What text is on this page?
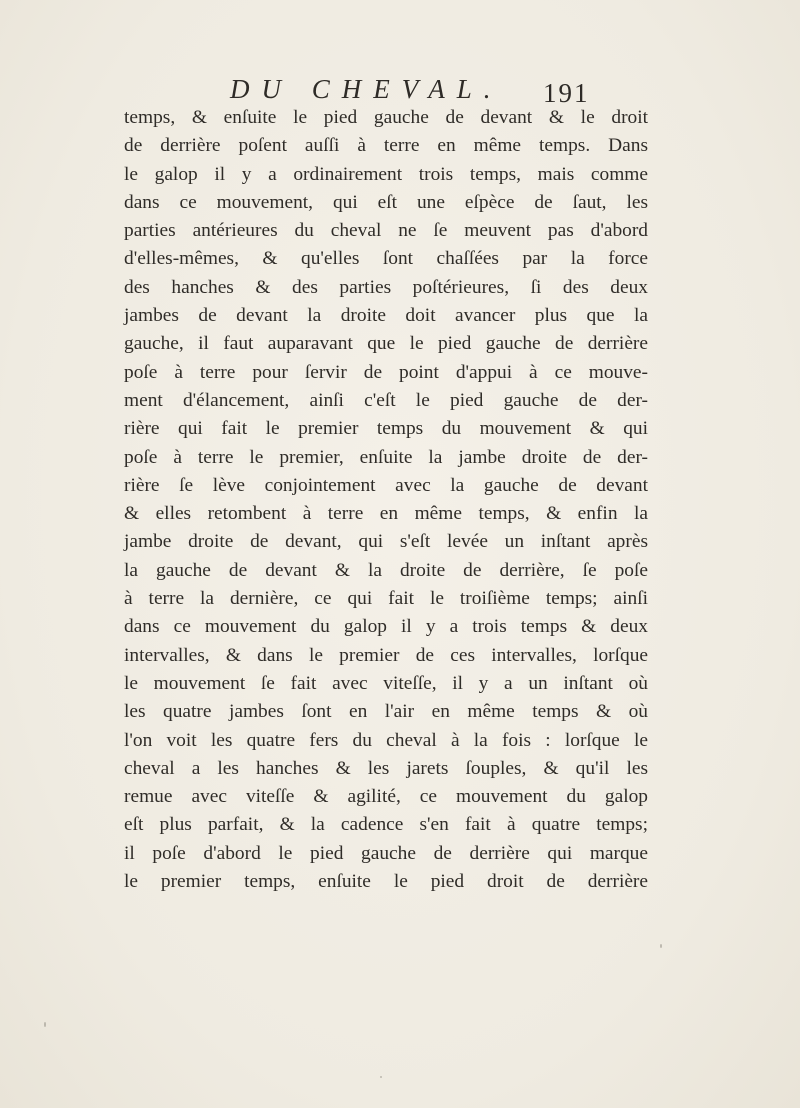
DU CHEVAL. 191
temps, & enſuite le pied gauche de devant & le droit
de derrière poſent auſſi à terre en même temps. Dans
le galop il y a ordinairement trois temps, mais comme
dans ce mouvement, qui eſt une eſpèce de ſaut, les
parties antérieures du cheval ne ſe meuvent pas d'abord
d'elles-mêmes, & qu'elles ſont chaſſées par la force
des hanches & des parties poſtérieures, ſi des deux
jambes de devant la droite doit avancer plus que la
gauche, il faut auparavant que le pied gauche de derrière
poſe à terre pour ſervir de point d'appui à ce mouve-
ment d'élancement, ainſi c'eſt le pied gauche de der-
rière qui fait le premier temps du mouvement & qui
poſe à terre le premier, enſuite la jambe droite de der-
rière ſe lève conjointement avec la gauche de devant
& elles retombent à terre en même temps, & enfin la
jambe droite de devant, qui s'eſt levée un inſtant après
la gauche de devant & la droite de derrière, ſe poſe
à terre la dernière, ce qui fait le troiſième temps; ainſi
dans ce mouvement du galop il y a trois temps & deux
intervalles, & dans le premier de ces intervalles, lorſque
le mouvement ſe fait avec viteſſe, il y a un inſtant où
les quatre jambes ſont en l'air en même temps & où
l'on voit les quatre fers du cheval à la fois : lorſque le
cheval a les hanches & les jarets ſouples, & qu'il les
remue avec viteſſe & agilité, ce mouvement du galop
eſt plus parfait, & la cadence s'en fait à quatre temps;
il poſe d'abord le pied gauche de derrière qui marque
le premier temps, enſuite le pied droit de derrière
